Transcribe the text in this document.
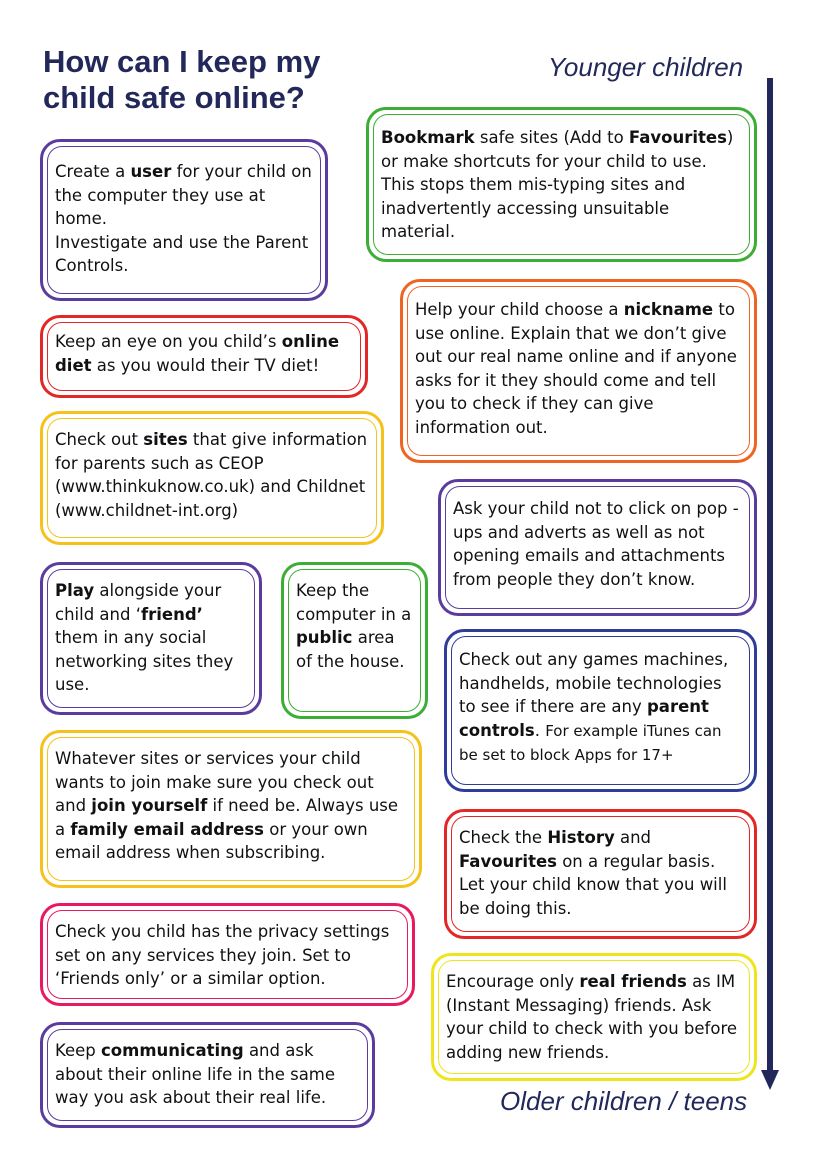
How can I keep my child safe online?
Younger children
Older children / teens

Create a user for your child on the computer they use at home.

Investigate and use the Parent Controls.

Keep an eye on you child’s online diet as you would their TV diet!

Check out sites that give information for parents such as CEOP (www.thinkuknow.co.uk) and Childnet (www.childnet-int.org)

Play alongside your child and ‘friend’ them in any social networking sites they use.

Keep the computer in a public area of the house.

Whatever sites or services your child wants to join make sure you check out and join yourself if need be. Always use a family email address or your own email address when subscribing.

Check you child has the privacy settings set on any services they join. Set to ‘Friends only’ or a similar option.

Keep communicating and ask about their online life in the same way you ask about their real life.

Bookmark safe sites (Add to Favourites) or make shortcuts for your child to use. This stops them mis-typing sites and inadvertently accessing unsuitable material.

Help your child choose a nickname to use online. Explain that we don’t give out our real name online and if anyone asks for it they should come and tell you to check if they can give information out.

Ask your child not to click on pop -ups and adverts as well as not opening emails and attachments from people they don’t know.

Check out any games machines, handhelds, mobile technologies to see if there are any parent controls. For example iTunes can be set to block Apps for 17+

Check the History and Favourites on a regular basis. Let your child know that you will be doing this.

Encourage only real friends as IM (Instant Messaging) friends. Ask your child to check with you before adding new friends.
